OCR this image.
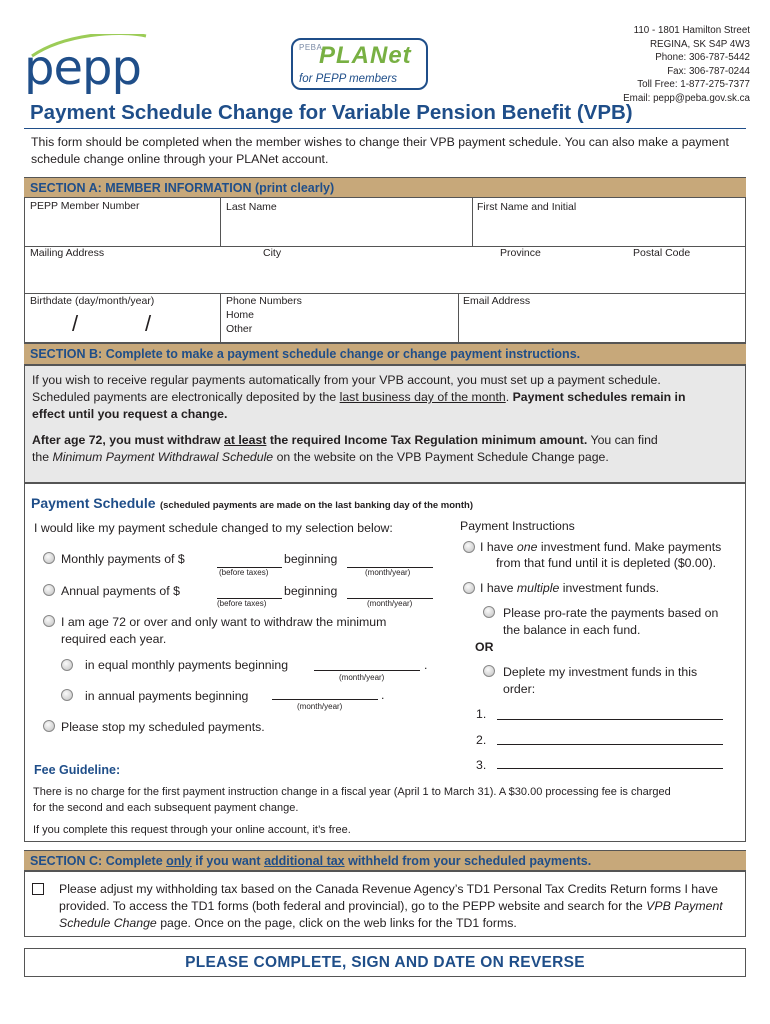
pepp	PEBA
PLANet
for PEPP members
110 - 1801 Hamilton Street
REGINA, SK S4P 4W3
Phone: 306-787-5442
Fax: 306-787-0244
Toll Free: 1-877-275-7377
Email: pepp@peba.gov.sk.ca
Payment Schedule Change for Variable Pension Benefit (VPB)
This form should be completed when the member wishes to change their VPB payment schedule. You can also make a payment schedule change online through your PLANet account.
SECTION A: MEMBER INFORMATION (print clearly)
PEPP Member Number	Last Name	First Name and Initial
Mailing Address	City	Province	Postal Code
Birthdate (day/month/year)
/	/
Phone Numbers
Home
Other
Email Address
SECTION B: Complete to make a payment schedule change or change payment instructions.
If you wish to receive regular payments automatically from your VPB account, you must set up a payment schedule.
Scheduled payments are electronically deposited by the last business day of the month. Payment schedules remain in
effect until you request a change.
After age 72, you must withdraw at least the required Income Tax Regulation minimum amount. You can find
the Minimum Payment Withdrawal Schedule on the website on the VPB Payment Schedule Change page.
Payment Schedule (scheduled payments are made on the last banking day of the month)
I would like my payment schedule changed to my selection below:
Monthly payments of $
(before taxes)
beginning
(month/year)
Annual payments of $
(before taxes)
beginning
(month/year)
I am age 72 or over and only want to withdraw the minimum
required each year.
in equal monthly payments beginning	.
(month/year)
in annual payments beginning	.
(month/year)
Please stop my scheduled payments.
Payment Instructions
I have one investment fund. Make payments
from that fund until it is depleted ($0.00).
I have multiple investment funds.
Please pro-rate the payments based on
the balance in each fund.
OR
Deplete my investment funds in this
order:
1.
2.
3.
Fee Guideline:
There is no charge for the first payment instruction change in a fiscal year (April 1 to March 31). A $30.00 processing fee is charged
for the second and each subsequent payment change.
If you complete this request through your online account, it’s free.
SECTION C: Complete only if you want additional tax withheld from your scheduled payments.
Please adjust my withholding tax based on the Canada Revenue Agency’s TD1 Personal Tax Credits Return forms I have
provided. To access the TD1 forms (both federal and provincial), go to the PEPP website and search for the VPB Payment
Schedule Change page. Once on the page, click on the web links for the TD1 forms.
PLEASE COMPLETE, SIGN AND DATE ON REVERSE
